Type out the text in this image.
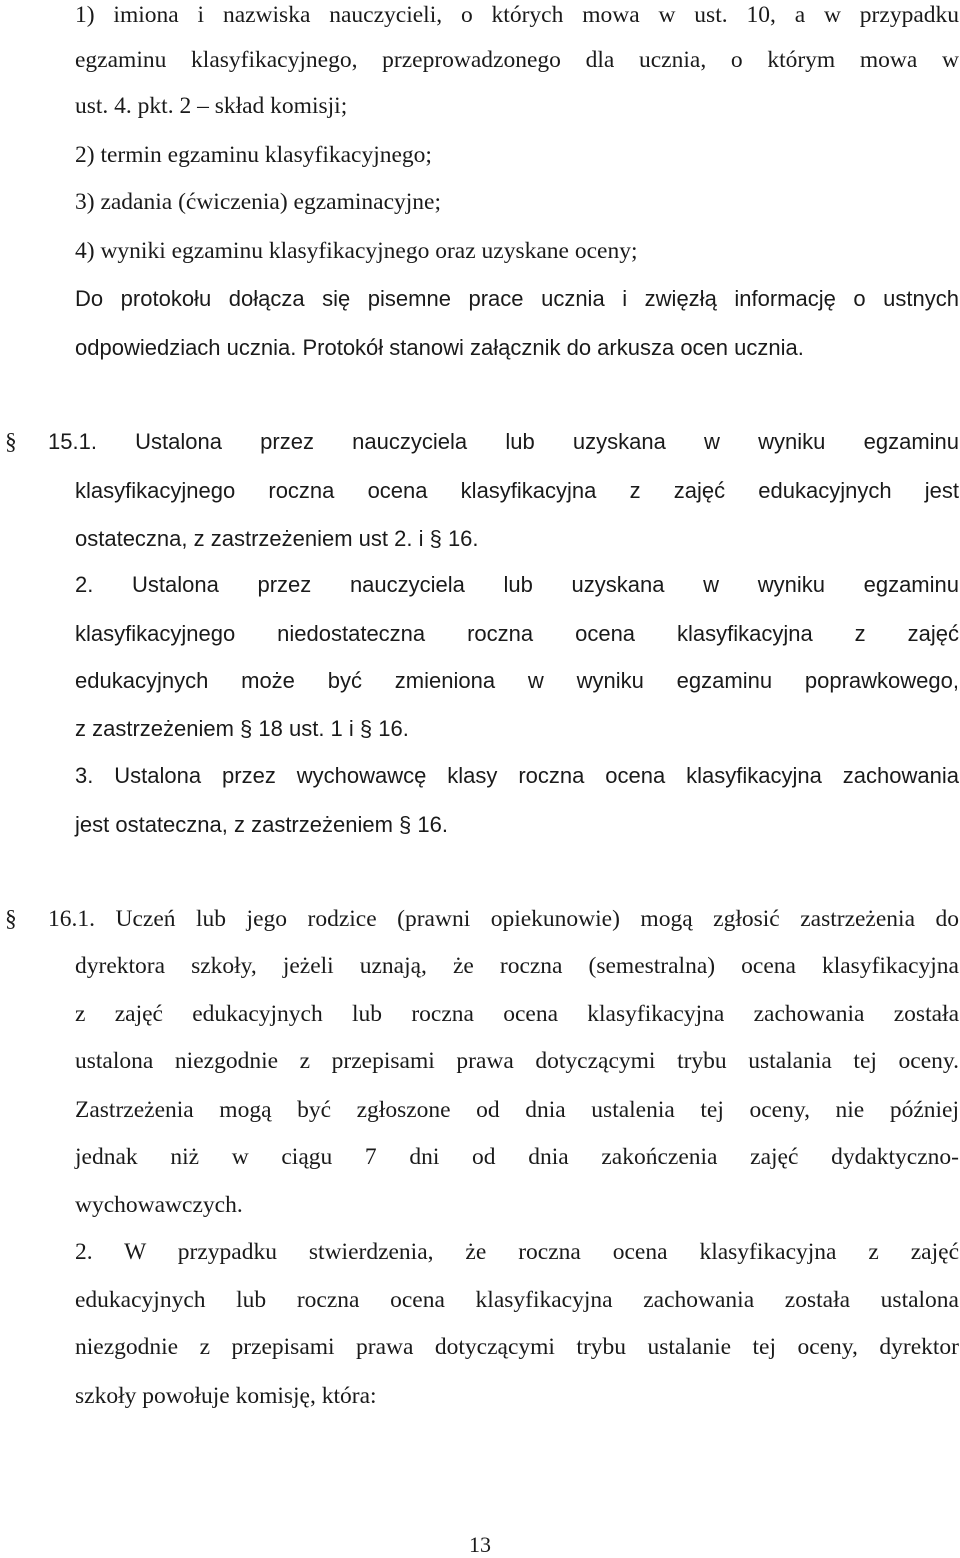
1) imiona i nazwiska nauczycieli, o których mowa w ust. 10, a w przypadku
egzaminu klasyfikacyjnego, przeprowadzonego dla ucznia, o którym mowa w
ust. 4. pkt. 2 – skład komisji;
2) termin egzaminu klasyfikacyjnego;
3) zadania (ćwiczenia) egzaminacyjne;
4) wyniki egzaminu klasyfikacyjnego oraz uzyskane oceny;
Do protokołu dołącza się pisemne prace ucznia i zwięzłą informację o ustnych
odpowiedziach ucznia. Protokół stanowi załącznik do arkusza ocen ucznia.
§	15.1. Ustalona przez nauczyciela lub uzyskana w wyniku egzaminu
klasyfikacyjnego roczna ocena klasyfikacyjna z zajęć edukacyjnych jest
ostateczna, z zastrzeżeniem ust 2. i § 16.
2. Ustalona przez nauczyciela lub uzyskana w wyniku egzaminu
klasyfikacyjnego niedostateczna roczna ocena klasyfikacyjna z zajęć
edukacyjnych może być zmieniona w wyniku egzaminu poprawkowego,
z zastrzeżeniem § 18 ust. 1 i § 16.
3. Ustalona przez wychowawcę klasy roczna ocena klasyfikacyjna zachowania
jest ostateczna, z zastrzeżeniem § 16.
§	16.1. Uczeń lub jego rodzice (prawni opiekunowie) mogą zgłosić zastrzeżenia do
dyrektora szkoły, jeżeli uznają, że roczna (semestralna) ocena klasyfikacyjna
z zajęć edukacyjnych lub roczna ocena klasyfikacyjna zachowania została
ustalona niezgodnie z przepisami prawa dotyczącymi trybu ustalania tej oceny.
Zastrzeżenia mogą być zgłoszone od dnia ustalenia tej oceny, nie później
jednak niż w ciągu 7 dni od dnia zakończenia zajęć dydaktyczno-
wychowawczych.
2. W przypadku stwierdzenia, że roczna ocena klasyfikacyjna z zajęć
edukacyjnych lub roczna ocena klasyfikacyjna zachowania została ustalona
niezgodnie z przepisami prawa dotyczącymi trybu ustalanie tej oceny, dyrektor
szkoły powołuje komisję, która:
13
